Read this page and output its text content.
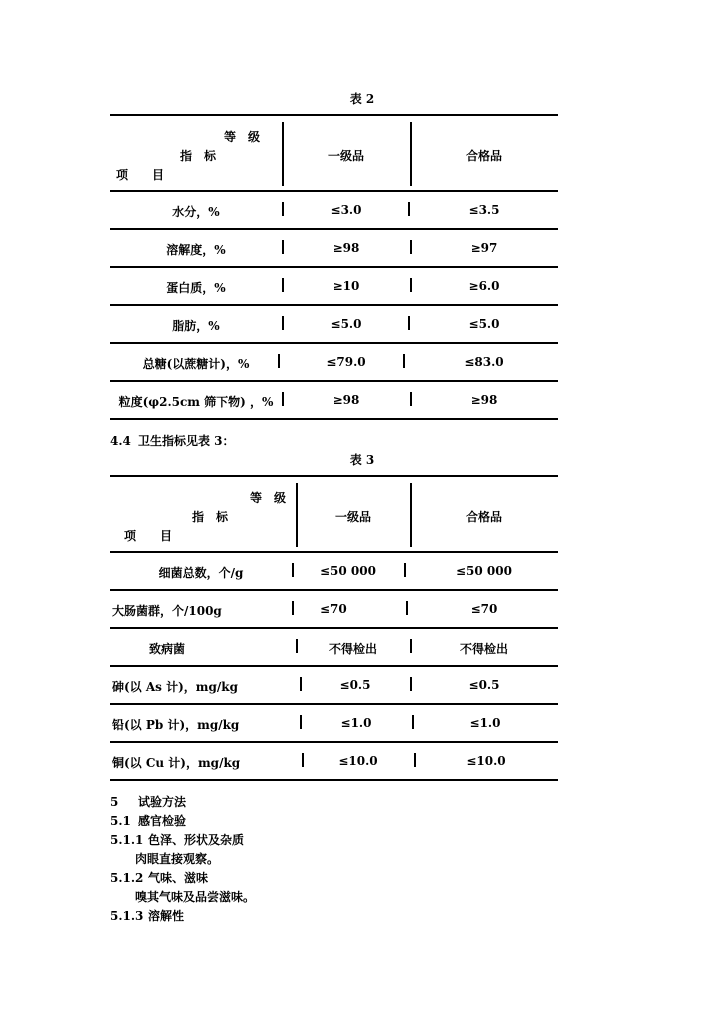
表 2
等　级
指　标
项　　目
一级品	合格品
水分，%	≤3.0	≤3.5
溶解度，%	≥98	≥97
蛋白质，%	≥10	≥6.0
脂肪，%	≤5.0	≤5.0
总糖(以蔗糖计)，%	≤79.0	≤83.0
粒度(φ2.5cm 筛下物) ，%	≥98	≥98
4.4 卫生指标见表 3：
表 3
等　级
指　标
项　　目
一级品	合格品
细菌总数，个/g	≤50 000	≤50 000
大肠菌群，个/100g	≤70	≤70
致病菌	不得检出	不得检出
砷(以 As 计)，mg/kg	≤0.5	≤0.5
铅(以 Pb 计)，mg/kg	≤1.0	≤1.0
铜(以 Cu 计)，mg/kg	≤10.0	≤10.0
5 试验方法
5.1 感官检验
5.1.1 色泽、形状及杂质
肉眼直接观察。
5.1.2 气味、滋味
嗅其气味及品尝滋味。
5.1.3 溶解性
